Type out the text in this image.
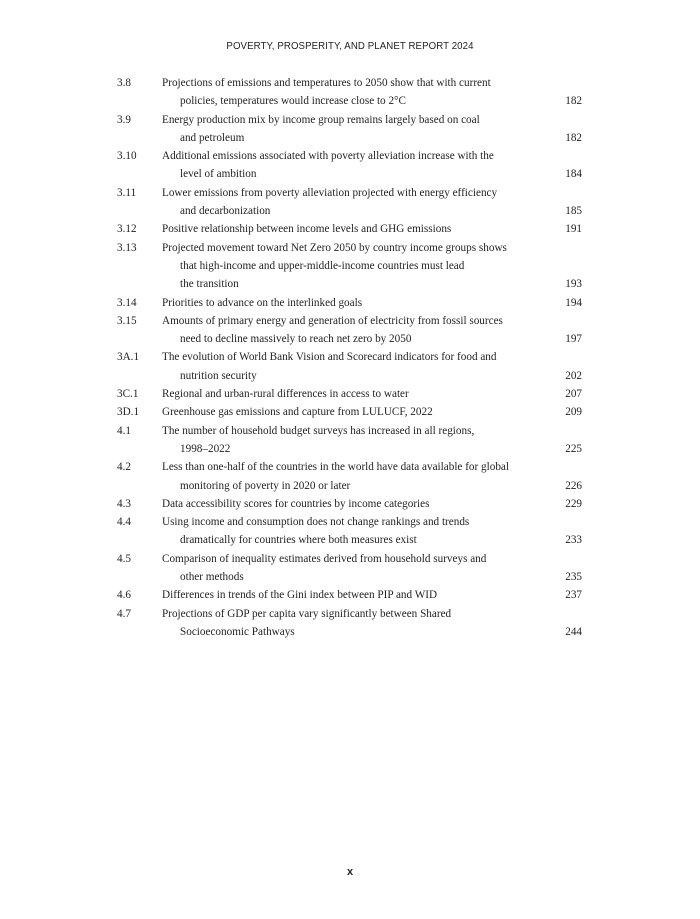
POVERTY, PROSPERITY, AND PLANET REPORT 2024
3.8	Projections of emissions and temperatures to 2050 show that with current
policies, temperatures would increase close to 2°C	182
3.9	Energy production mix by income group remains largely based on coal
and petroleum	182
3.10 Additional emissions associated with poverty alleviation increase with the
level of ambition	184
3.11 Lower emissions from poverty alleviation projected with energy efficiency
and decarbonization	185
3.12 Positive relationship between income levels and GHG emissions	191
3.13 Projected movement toward Net Zero 2050 by country income groups shows
that high-income and upper-middle-income countries must lead
the transition	193
3.14 Priorities to advance on the interlinked goals	194
3.15 Amounts of primary energy and generation of electricity from fossil sources
need to decline massively to reach net zero by 2050	197
3A.1 The evolution of World Bank Vision and Scorecard indicators for food and
nutrition security	202
3C.1 Regional and urban-rural differences in access to water	207
3D.1 Greenhouse gas emissions and capture from LULUCF, 2022	209
4.1	The number of household budget surveys has increased in all regions,
1998–2022	225
4.2	Less than one-half of the countries in the world have data available for global
monitoring of poverty in 2020 or later	226
4.3	Data accessibility scores for countries by income categories	229
4.4	Using income and consumption does not change rankings and trends
dramatically for countries where both measures exist	233
4.5	Comparison of inequality estimates derived from household surveys and
other methods	235
4.6	Differences in trends of the Gini index between PIP and WID	237
4.7	Projections of GDP per capita vary significantly between Shared
Socioeconomic Pathways	244
x
